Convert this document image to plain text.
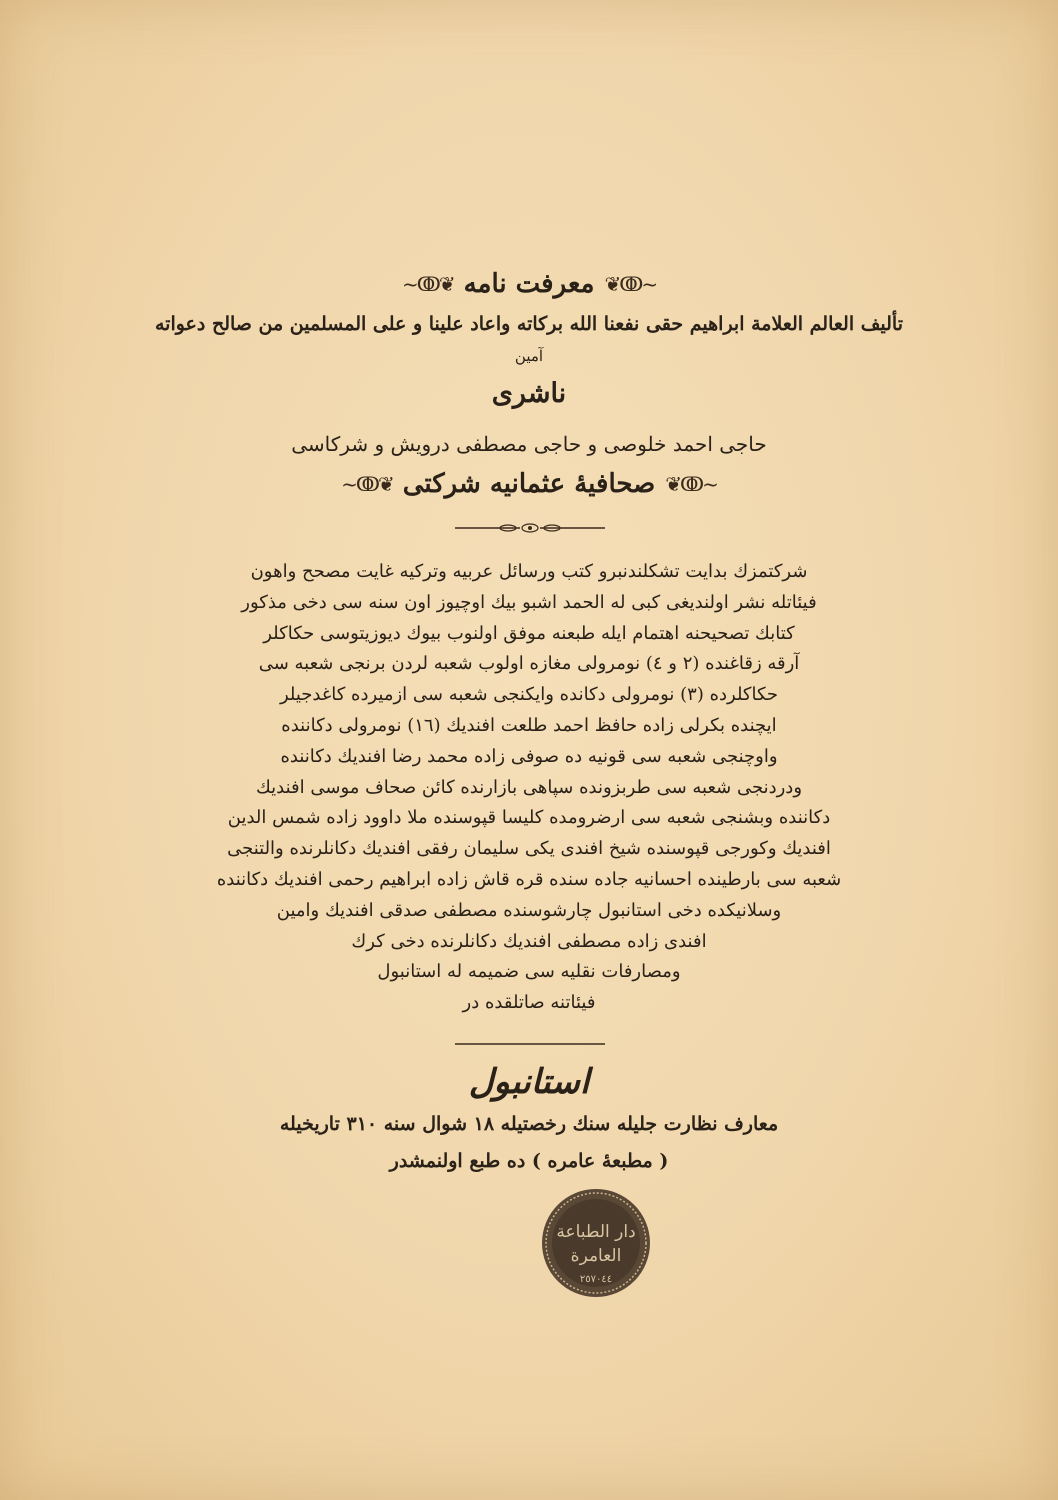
❦ↂ~
معرفت نامه
~ↂ❦
تأليف العالم العلامة ابراهيم حقى نفعنا الله بركاته واعاد علينا و على المسلمين من صالح دعواته
آمين
ناشرى
حاجى احمد خلوصى و حاجى مصطفى درويش و شركاسى
❦ↂ~
صحافيهٔ عثمانيه شركتى
~ↂ❦
شركتمزك بدايت تشكلندنبرو كتب ورسائل عربيه وتركيه غايت مصحح واهون
فيئاتله نشر اولنديغى كبى له الحمد اشبو بيك اوچيوز اون سنه سى دخى مذكور
كتابك تصحيحنه اهتمام ايله طبعنه موفق اولنوب بيوك ديوزيتوسى حكاكلر
آرقه زقاغنده (٢ و ٤) نومرولى مغازه اولوب شعبه لردن برنجى شعبه سى
حكاكلرده (٣) نومرولى دكانده وايكنجى شعبه سى ازميرده كاغدجيلر
ايچنده بكرلى زاده حافظ احمد طلعت افنديك (١٦) نومرولى دكاننده
واوچنجى شعبه سى قونيه ده صوفى زاده محمد رضا افنديك دكاننده
ودردنجى شعبه سى طربزونده سپاهى بازارنده كائن صحاف موسى افنديك
دكاننده وبشنجى شعبه سى ارضرومده كليسا قپوسنده ملا داوود زاده شمس الدين
افنديك وكورجى قپوسنده شيخ افندى يكى سليمان رفقى افنديك دكانلرنده والتنجى
شعبه سى بارطينده احسانيه جاده سنده قره قاش زاده ابراهيم رحمى افنديك دكاننده
وسلانيكده دخى استانبول چارشوسنده مصطفى صدقى افنديك وامين
افندى زاده مصطفى افنديك دكانلرنده دخى كرك
ومصارفات نقليه سى ضميمه له استانبول
فيئاتنه صاتلقده در
استانبول
معارف نظارت جليله سنك رخصتيله ١٨ شوال سنه ٣١٠ تاريخيله
( مطبعهٔ عامره ) ده طبع اولنمشدر
دار الطباعة
العامرة
٢٥٧٠٤٤
